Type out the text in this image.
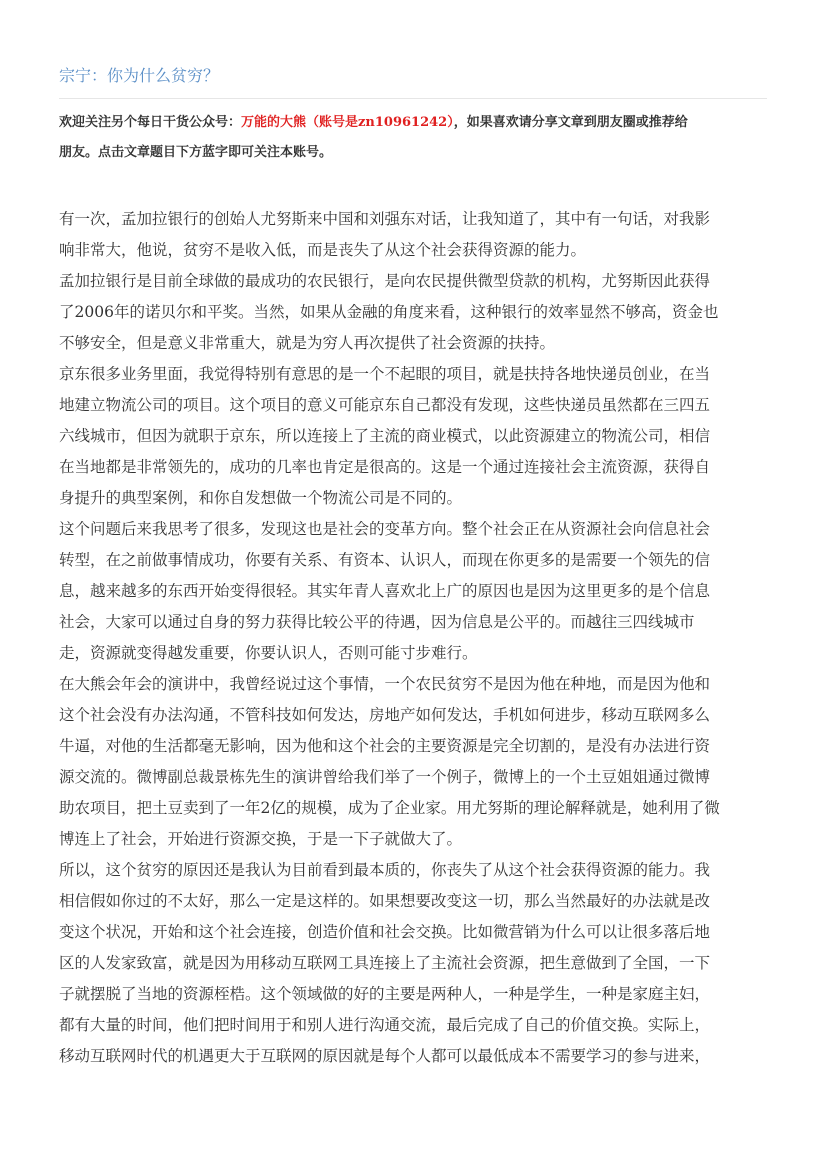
宗宁：你为什么贫穷？
欢迎关注另个每日干货公众号：万能的大熊（账号是zn10961242），如果喜欢请分享文章到朋友圈或推荐给
朋友。点击文章题目下方蓝字即可关注本账号。
有一次，孟加拉银行的创始人尤努斯来中国和刘强东对话，让我知道了，其中有一句话，对我影
响非常大，他说，贫穷不是收入低，而是丧失了从这个社会获得资源的能力。
孟加拉银行是目前全球做的最成功的农民银行，是向农民提供微型贷款的机构，尤努斯因此获得
了2006年的诺贝尔和平奖。当然，如果从金融的角度来看，这种银行的效率显然不够高，资金也
不够安全，但是意义非常重大，就是为穷人再次提供了社会资源的扶持。
京东很多业务里面，我觉得特别有意思的是一个不起眼的项目，就是扶持各地快递员创业，在当
地建立物流公司的项目。这个项目的意义可能京东自己都没有发现，这些快递员虽然都在三四五
六线城市，但因为就职于京东，所以连接上了主流的商业模式，以此资源建立的物流公司，相信
在当地都是非常领先的，成功的几率也肯定是很高的。这是一个通过连接社会主流资源，获得自
身提升的典型案例，和你自发想做一个物流公司是不同的。
这个问题后来我思考了很多，发现这也是社会的变革方向。整个社会正在从资源社会向信息社会
转型，在之前做事情成功，你要有关系、有资本、认识人，而现在你更多的是需要一个领先的信
息，越来越多的东西开始变得很轻。其实年青人喜欢北上广的原因也是因为这里更多的是个信息
社会，大家可以通过自身的努力获得比较公平的待遇，因为信息是公平的。而越往三四线城市
走，资源就变得越发重要，你要认识人，否则可能寸步难行。
在大熊会年会的演讲中，我曾经说过这个事情，一个农民贫穷不是因为他在种地，而是因为他和
这个社会没有办法沟通，不管科技如何发达，房地产如何发达，手机如何进步，移动互联网多么
牛逼，对他的生活都毫无影响，因为他和这个社会的主要资源是完全切割的，是没有办法进行资
源交流的。微博副总裁景栋先生的演讲曾给我们举了一个例子，微博上的一个土豆姐姐通过微博
助农项目，把土豆卖到了一年2亿的规模，成为了企业家。用尤努斯的理论解释就是，她利用了微
博连上了社会，开始进行资源交换，于是一下子就做大了。
所以，这个贫穷的原因还是我认为目前看到最本质的，你丧失了从这个社会获得资源的能力。我
相信假如你过的不太好，那么一定是这样的。如果想要改变这一切，那么当然最好的办法就是改
变这个状况，开始和这个社会连接，创造价值和社会交换。比如微营销为什么可以让很多落后地
区的人发家致富，就是因为用移动互联网工具连接上了主流社会资源，把生意做到了全国，一下
子就摆脱了当地的资源桎梏。这个领域做的好的主要是两种人，一种是学生，一种是家庭主妇，
都有大量的时间，他们把时间用于和别人进行沟通交流，最后完成了自己的价值交换。实际上，
移动互联网时代的机遇更大于互联网的原因就是每个人都可以最低成本不需要学习的参与进来，
